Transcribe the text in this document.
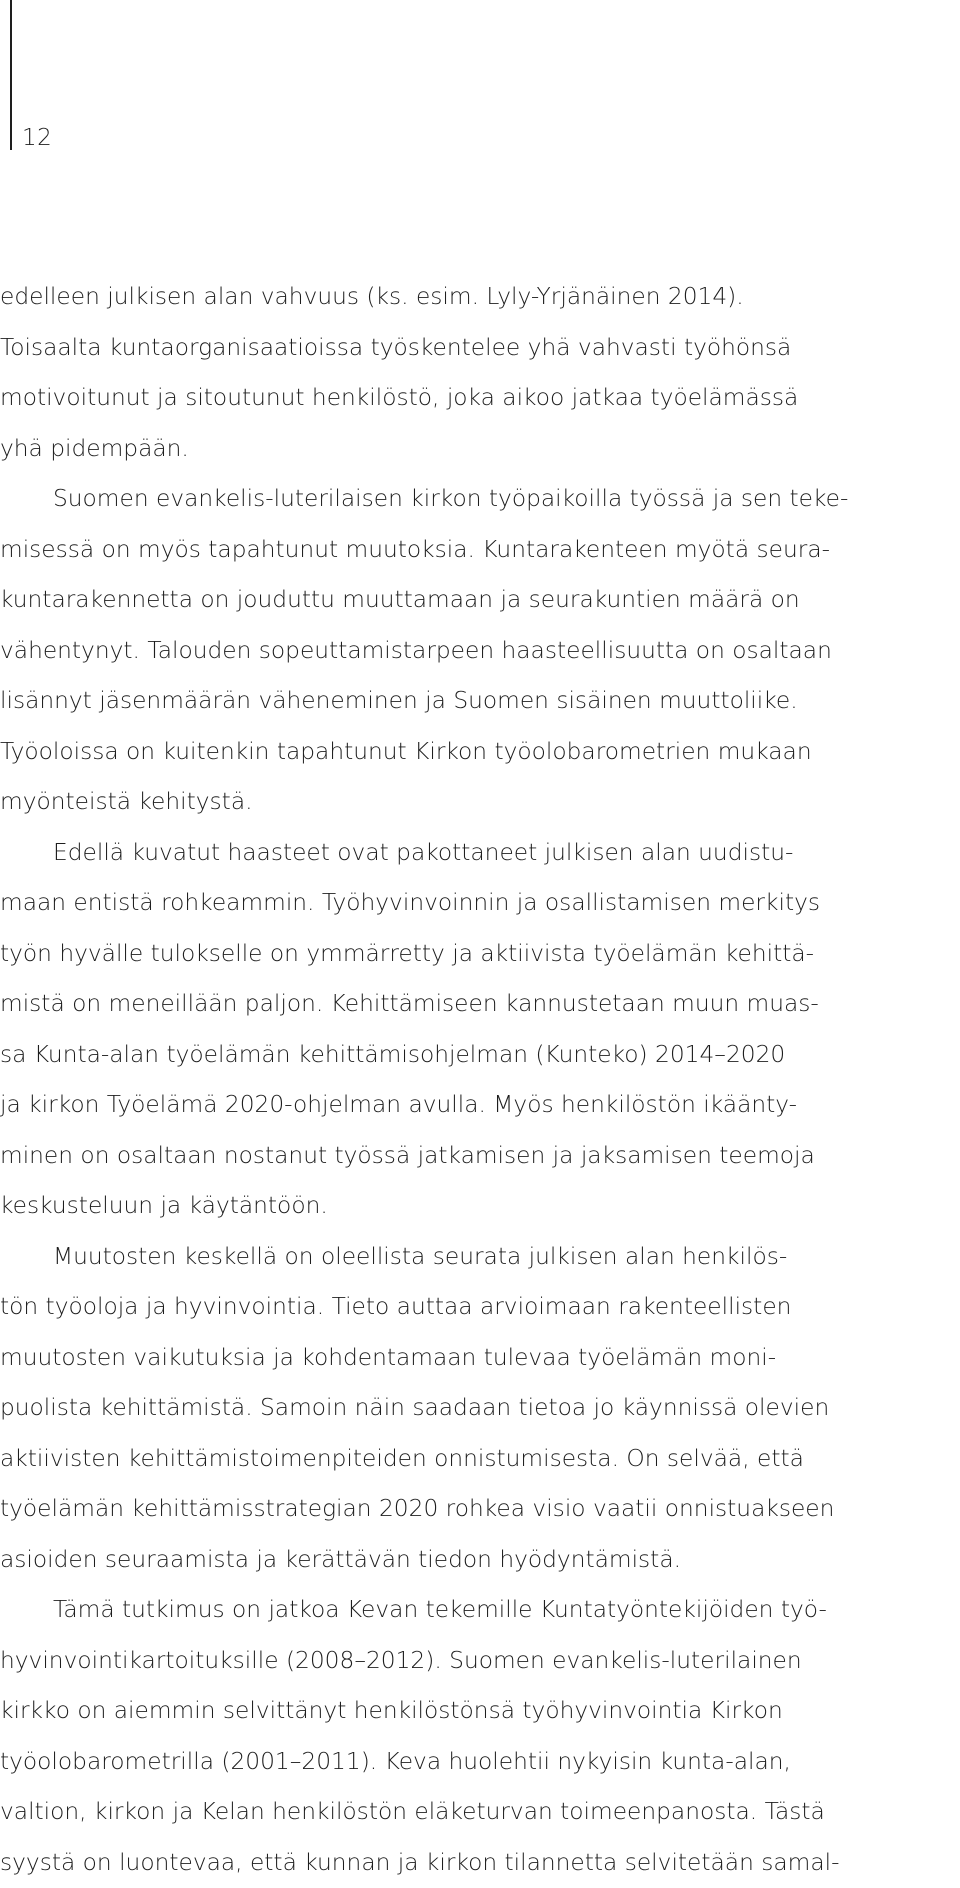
12
edelleen julkisen alan vahvuus (ks. esim. Lyly-Yrjänäinen 2014).
Toisaalta kuntaorganisaatioissa työskentelee yhä vahvasti työhönsä
motivoitunut ja sitoutunut henkilöstö, joka aikoo jatkaa työelämässä
yhä pidempään.
Suomen evankelis-luterilaisen kirkon työpaikoilla työssä ja sen teke-
misessä on myös tapahtunut muutoksia. Kuntarakenteen myötä seura-
kuntarakennetta on jouduttu muuttamaan ja seurakuntien määrä on
vähentynyt. Talouden sopeuttamistarpeen haasteellisuutta on osaltaan
lisännyt jäsenmäärän väheneminen ja Suomen sisäinen muuttoliike.
Työoloissa on kuitenkin tapahtunut Kirkon työolobarometrien mukaan
myönteistä kehitystä.
Edellä kuvatut haasteet ovat pakottaneet julkisen alan uudistu-
maan entistä rohkeammin. Työhyvinvoinnin ja osallistamisen merkitys
työn hyvälle tulokselle on ymmärretty ja aktiivista työelämän kehittä-
mistä on meneillään paljon. Kehittämiseen kannustetaan muun muas-
sa Kunta-alan työelämän kehittämisohjelman (Kunteko) 2014–2020
ja kirkon Työelämä 2020-ohjelman avulla. Myös henkilöstön ikäänty-
minen on osaltaan nostanut työssä jatkamisen ja jaksamisen teemoja
keskusteluun ja käytäntöön.
Muutosten keskellä on oleellista seurata julkisen alan henkilös-
tön työoloja ja hyvinvointia. Tieto auttaa arvioimaan rakenteellisten
muutosten vaikutuksia ja kohdentamaan tulevaa työelämän moni-
puolista kehittämistä. Samoin näin saadaan tietoa jo käynnissä olevien
aktiivisten kehittämistoimenpiteiden onnistumisesta. On selvää, että
työelämän kehittämisstrategian 2020 rohkea visio vaatii onnistuakseen
asioiden seuraamista ja kerättävän tiedon hyödyntämistä.
Tämä tutkimus on jatkoa Kevan tekemille Kuntatyöntekijöiden työ-
hyvinvointikartoituksille (2008–2012). Suomen evankelis-luterilainen
kirkko on aiemmin selvittänyt henkilöstönsä työhyvinvointia Kirkon
työolobarometrilla (2001–2011). Keva huolehtii nykyisin kunta-alan,
valtion, kirkon ja Kelan henkilöstön eläketurvan toimeenpanosta. Tästä
syystä on luontevaa, että kunnan ja kirkon tilannetta selvitetään samal-
